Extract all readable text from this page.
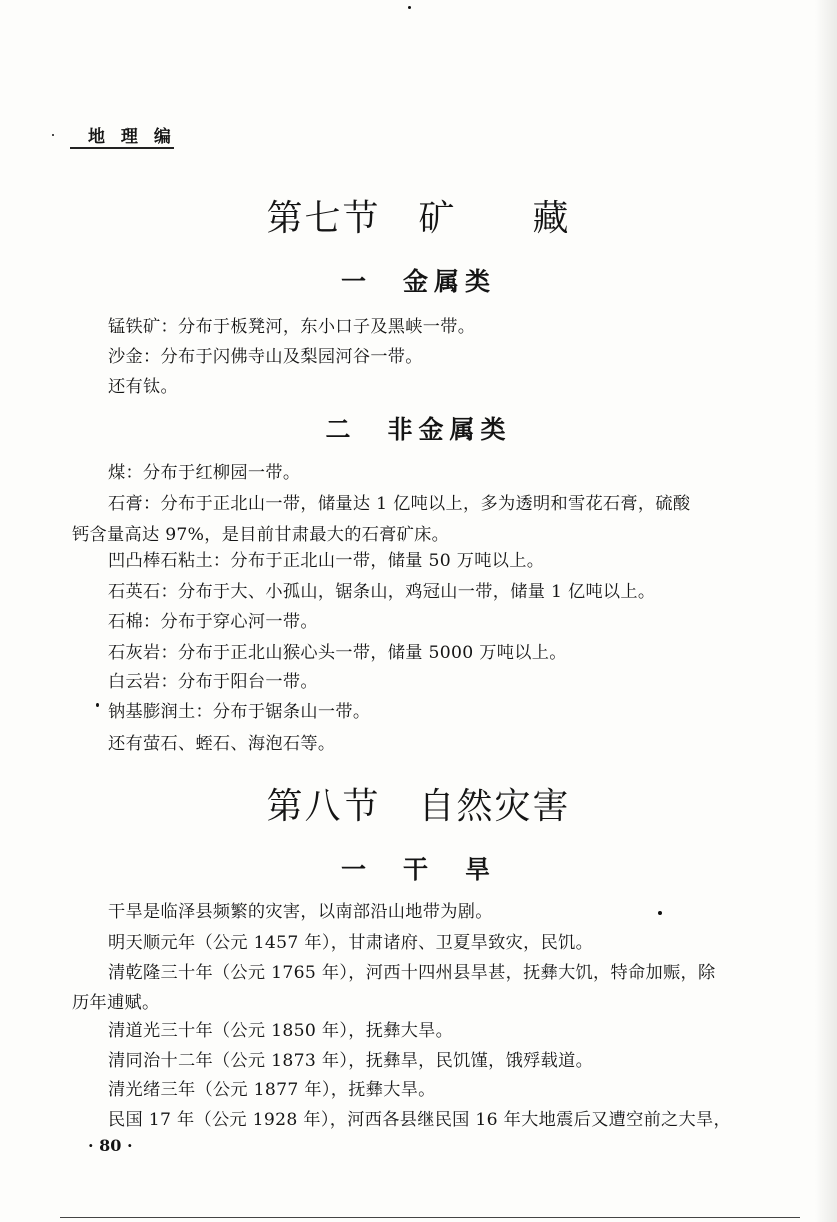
地 理 编
第七节　矿　　藏
一　金属类
锰铁矿：分布于板凳河，东小口子及黑峡一带。
沙金：分布于闪佛寺山及梨园河谷一带。
还有钛。
二　非金属类
煤：分布于红柳园一带。
石膏：分布于正北山一带，储量达 1 亿吨以上，多为透明和雪花石膏，硫酸
钙含量高达 97%，是目前甘肃最大的石膏矿床。
凹凸棒石粘土：分布于正北山一带，储量 50 万吨以上。
石英石：分布于大、小孤山，锯条山，鸡冠山一带，储量 1 亿吨以上。
石棉：分布于穿心河一带。
石灰岩：分布于正北山猴心头一带，储量 5000 万吨以上。
白云岩：分布于阳台一带。
钠基膨润土：分布于锯条山一带。
还有萤石、蛭石、海泡石等。
第八节　自然灾害
一　干　旱
干旱是临泽县频繁的灾害，以南部沿山地带为剧。
明天顺元年（公元 1457 年），甘肃诸府、卫夏旱致灾，民饥。
清乾隆三十年（公元 1765 年），河西十四州县旱甚，抚彝大饥，特命加赈，除
历年逋赋。
清道光三十年（公元 1850 年），抚彝大旱。
清同治十二年（公元 1873 年），抚彝旱，民饥馑，饿殍载道。
清光绪三年（公元 1877 年），抚彝大旱。
民国 17 年（公元 1928 年），河西各县继民国 16 年大地震后又遭空前之大旱，
· 80 ·
